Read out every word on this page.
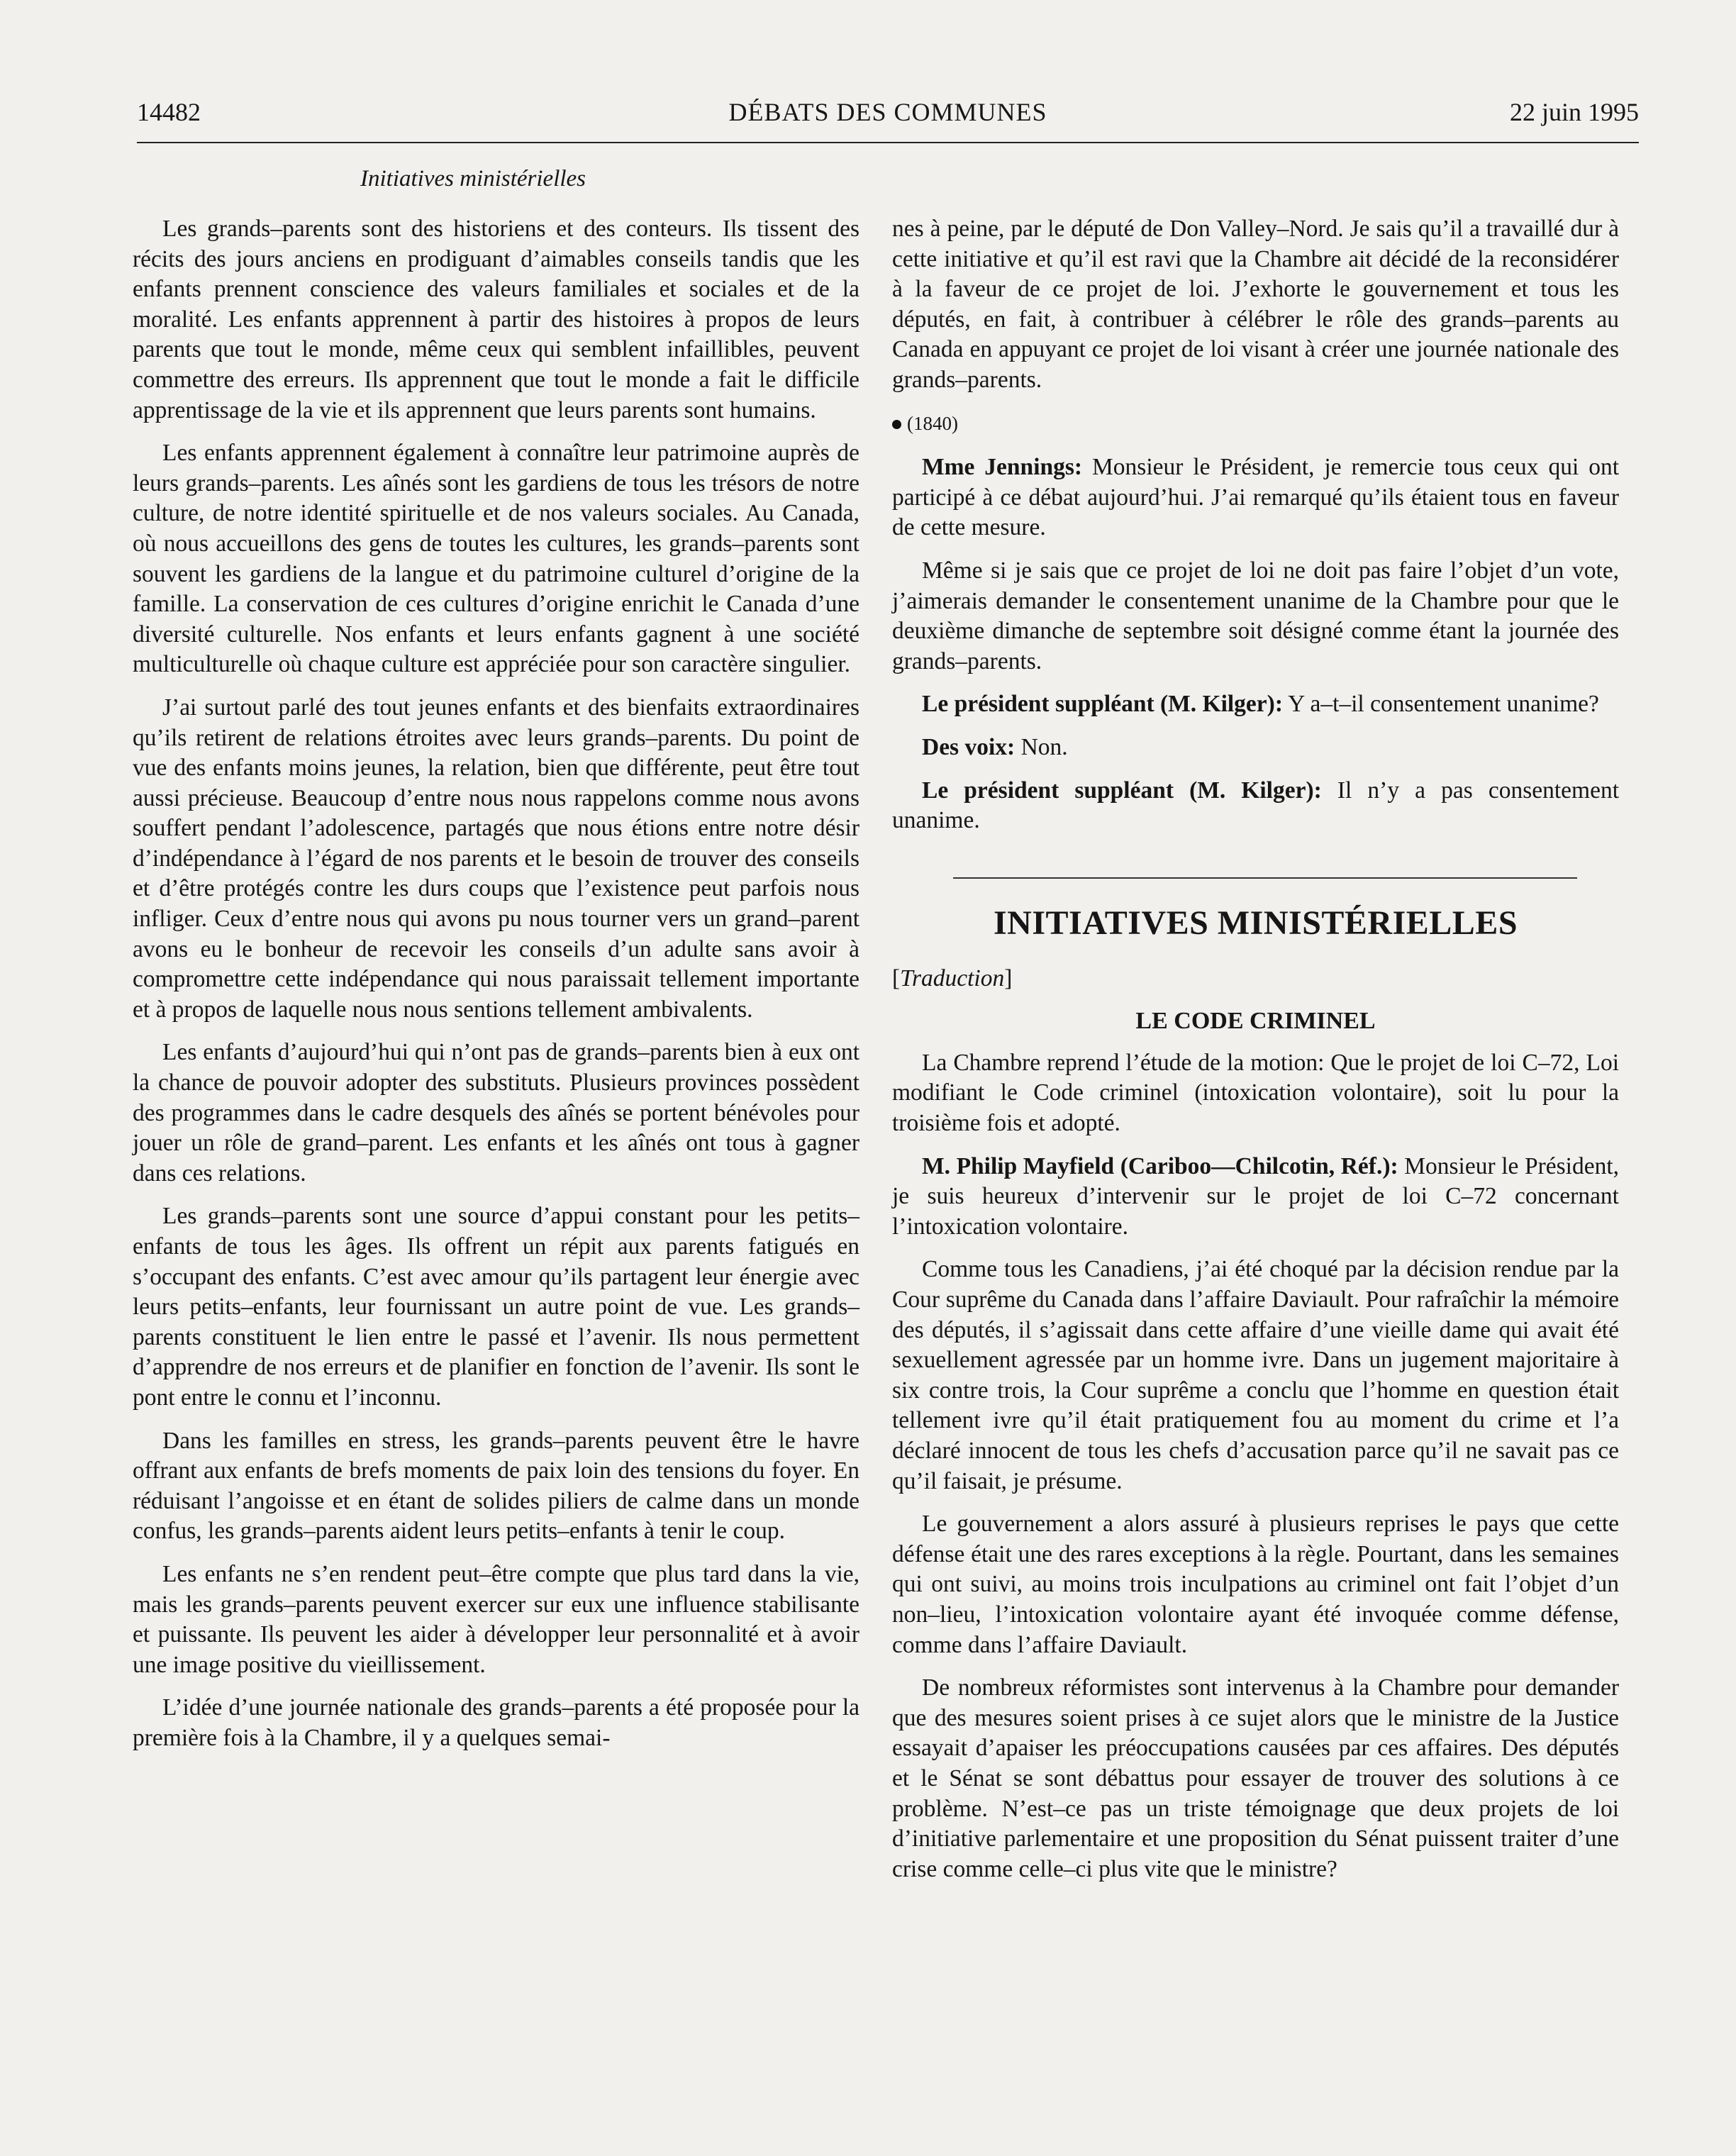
14482	DÉBATS DES COMMUNES	22 juin 1995
Initiatives ministérielles

Les grands–parents sont des historiens et des conteurs. Ils tissent des récits des jours anciens en prodiguant d’aimables conseils tandis que les enfants prennent conscience des valeurs familiales et sociales et de la moralité. Les enfants apprennent à partir des histoires à propos de leurs parents que tout le monde, même ceux qui semblent infaillibles, peuvent commettre des erreurs. Ils apprennent que tout le monde a fait le difficile apprentissage de la vie et ils apprennent que leurs parents sont humains.

Les enfants apprennent également à connaître leur patrimoine auprès de leurs grands–parents. Les aînés sont les gardiens de tous les trésors de notre culture, de notre identité spirituelle et de nos valeurs sociales. Au Canada, où nous accueillons des gens de toutes les cultures, les grands–parents sont souvent les gardiens de la langue et du patrimoine culturel d’origine de la famille. La conservation de ces cultures d’origine enrichit le Canada d’une diversité culturelle. Nos enfants et leurs enfants gagnent à une société multiculturelle où chaque culture est appréciée pour son caractère singulier.

J’ai surtout parlé des tout jeunes enfants et des bienfaits extraordinaires qu’ils retirent de relations étroites avec leurs grands–parents. Du point de vue des enfants moins jeunes, la relation, bien que différente, peut être tout aussi précieuse. Beaucoup d’entre nous nous rappelons comme nous avons souffert pendant l’adolescence, partagés que nous étions entre notre désir d’indépendance à l’égard de nos parents et le besoin de trouver des conseils et d’être protégés contre les durs coups que l’existence peut parfois nous infliger. Ceux d’entre nous qui avons pu nous tourner vers un grand–parent avons eu le bonheur de recevoir les conseils d’un adulte sans avoir à compromettre cette indépendance qui nous paraissait tellement importante et à propos de laquelle nous nous sentions tellement ambivalents.

Les enfants d’aujourd’hui qui n’ont pas de grands–parents bien à eux ont la chance de pouvoir adopter des substituts. Plusieurs provinces possèdent des programmes dans le cadre desquels des aînés se portent bénévoles pour jouer un rôle de grand–parent. Les enfants et les aînés ont tous à gagner dans ces relations.

Les grands–parents sont une source d’appui constant pour les petits–enfants de tous les âges. Ils offrent un répit aux parents fatigués en s’occupant des enfants. C’est avec amour qu’ils partagent leur énergie avec leurs petits–enfants, leur fournissant un autre point de vue. Les grands–parents constituent le lien entre le passé et l’avenir. Ils nous permettent d’apprendre de nos erreurs et de planifier en fonction de l’avenir. Ils sont le pont entre le connu et l’inconnu.

Dans les familles en stress, les grands–parents peuvent être le havre offrant aux enfants de brefs moments de paix loin des tensions du foyer. En réduisant l’angoisse et en étant de solides piliers de calme dans un monde confus, les grands–parents aident leurs petits–enfants à tenir le coup.

Les enfants ne s’en rendent peut–être compte que plus tard dans la vie, mais les grands–parents peuvent exercer sur eux une influence stabilisante et puissante. Ils peuvent les aider à développer leur personnalité et à avoir une image positive du vieillissement.

L’idée d’une journée nationale des grands–parents a été proposée pour la première fois à la Chambre, il y a quelques semai-

nes à peine, par le député de Don Valley–Nord. Je sais qu’il a travaillé dur à cette initiative et qu’il est ravi que la Chambre ait décidé de la reconsidérer à la faveur de ce projet de loi. J’exhorte le gouvernement et tous les députés, en fait, à contribuer à célébrer le rôle des grands–parents au Canada en appuyant ce projet de loi visant à créer une journée nationale des grands–parents.

(1840)

Mme Jennings: Monsieur le Président, je remercie tous ceux qui ont participé à ce débat aujourd’hui. J’ai remarqué qu’ils étaient tous en faveur de cette mesure.

Même si je sais que ce projet de loi ne doit pas faire l’objet d’un vote, j’aimerais demander le consentement unanime de la Chambre pour que le deuxième dimanche de septembre soit désigné comme étant la journée des grands–parents.

Le président suppléant (M. Kilger): Y a–t–il consentement unanime?

Des voix: Non.

Le président suppléant (M. Kilger): Il n’y a pas consentement unanime.

INITIATIVES MINISTÉRIELLES
[Traduction]
LE CODE CRIMINEL

La Chambre reprend l’étude de la motion: Que le projet de loi C–72, Loi modifiant le Code criminel (intoxication volontaire), soit lu pour la troisième fois et adopté.

M. Philip Mayfield (Cariboo—Chilcotin, Réf.): Monsieur le Président, je suis heureux d’intervenir sur le projet de loi C–72 concernant l’intoxication volontaire.

Comme tous les Canadiens, j’ai été choqué par la décision rendue par la Cour suprême du Canada dans l’affaire Daviault. Pour rafraîchir la mémoire des députés, il s’agissait dans cette affaire d’une vieille dame qui avait été sexuellement agressée par un homme ivre. Dans un jugement majoritaire à six contre trois, la Cour suprême a conclu que l’homme en question était tellement ivre qu’il était pratiquement fou au moment du crime et l’a déclaré innocent de tous les chefs d’accusation parce qu’il ne savait pas ce qu’il faisait, je présume.

Le gouvernement a alors assuré à plusieurs reprises le pays que cette défense était une des rares exceptions à la règle. Pourtant, dans les semaines qui ont suivi, au moins trois inculpations au criminel ont fait l’objet d’un non–lieu, l’intoxication volontaire ayant été invoquée comme défense, comme dans l’affaire Daviault.

De nombreux réformistes sont intervenus à la Chambre pour demander que des mesures soient prises à ce sujet alors que le ministre de la Justice essayait d’apaiser les préoccupations causées par ces affaires. Des députés et le Sénat se sont débattus pour essayer de trouver des solutions à ce problème. N’est–ce pas un triste témoignage que deux projets de loi d’initiative parlementaire et une proposition du Sénat puissent traiter d’une crise comme celle–ci plus vite que le ministre?
